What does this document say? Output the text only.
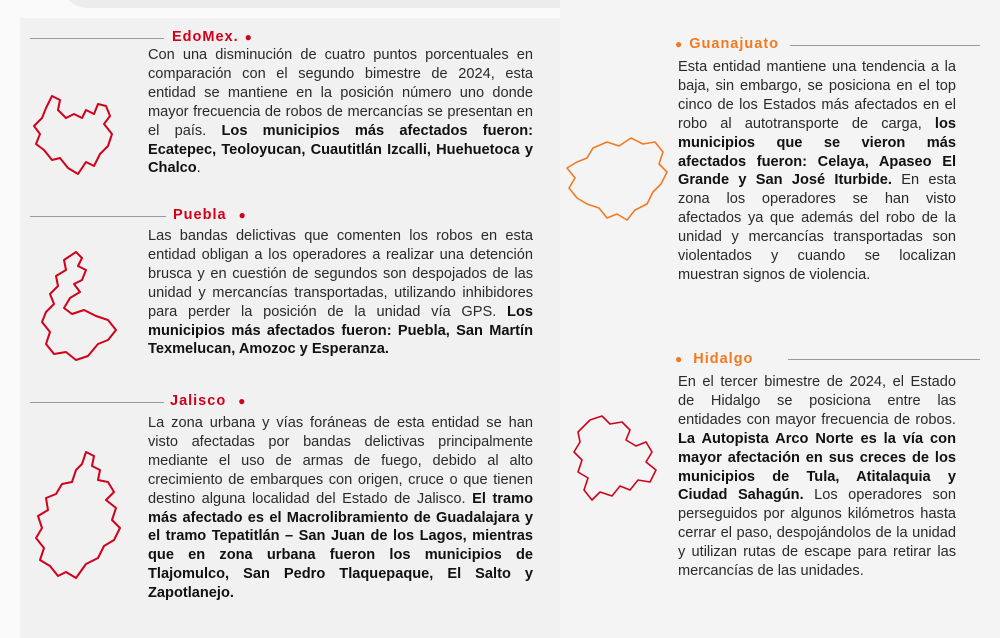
EdoMex. ●
Con una disminución de cuatro puntos porcentuales en comparación con el segundo bimestre de 2024, esta entidad se mantiene en la posición número uno donde mayor frecuencia de robos de mercancías se presentan en el país. Los municipios más afectados fueron: Ecatepec, Teoloyucan, Cuautitlán Izcalli, Huehuetoca y Chalco.
Puebla ●
Las bandas delictivas que comenten los robos en esta entidad obligan a los operadores a realizar una detención brusca y en cuestión de segundos son despojados de las unidad y mercancías transportadas, utilizando inhibidores para perder la posición de la unidad vía GPS. Los municipios más afectados fueron: Puebla, San Martín Texmelucan, Amozoc y Esperanza.
Jalisco ●
La zona urbana y vías foráneas de esta entidad se han visto afectadas por bandas delictivas principalmente mediante el uso de armas de fuego, debido al alto crecimiento de embarques con origen, cruce o que tienen destino alguna localidad del Estado de Jalisco. El tramo más afectado es el Macrolibramiento de Guadalajara y el tramo Tepatitlán – San Juan de los Lagos, mientras que en zona urbana fueron los municipios de Tlajomulco, San Pedro Tlaquepaque, El Salto y Zapotlanejo.
● Guanajuato
Esta entidad mantiene una tendencia a la baja, sin embargo, se posiciona en el top cinco de los Estados más afectados en el robo al autotransporte de carga, los municipios que se vieron más afectados fueron: Celaya, Apaseo El Grande y San José Iturbide. En esta zona los operadores se han visto afectados ya que además del robo de la unidad y mercancías transportadas son violentados y cuando se localizan muestran signos de violencia.
● Hidalgo
En el tercer bimestre de 2024, el Estado de Hidalgo se posiciona entre las entidades con mayor frecuencia de robos. La Autopista Arco Norte es la vía con mayor afectación en sus creces de los municipios de Tula, Atitalaquia y Ciudad Sahagún. Los operadores son perseguidos por algunos kilómetros hasta cerrar el paso, despojándolos de la unidad y utilizan rutas de escape para retirar las mercancías de las unidades.
